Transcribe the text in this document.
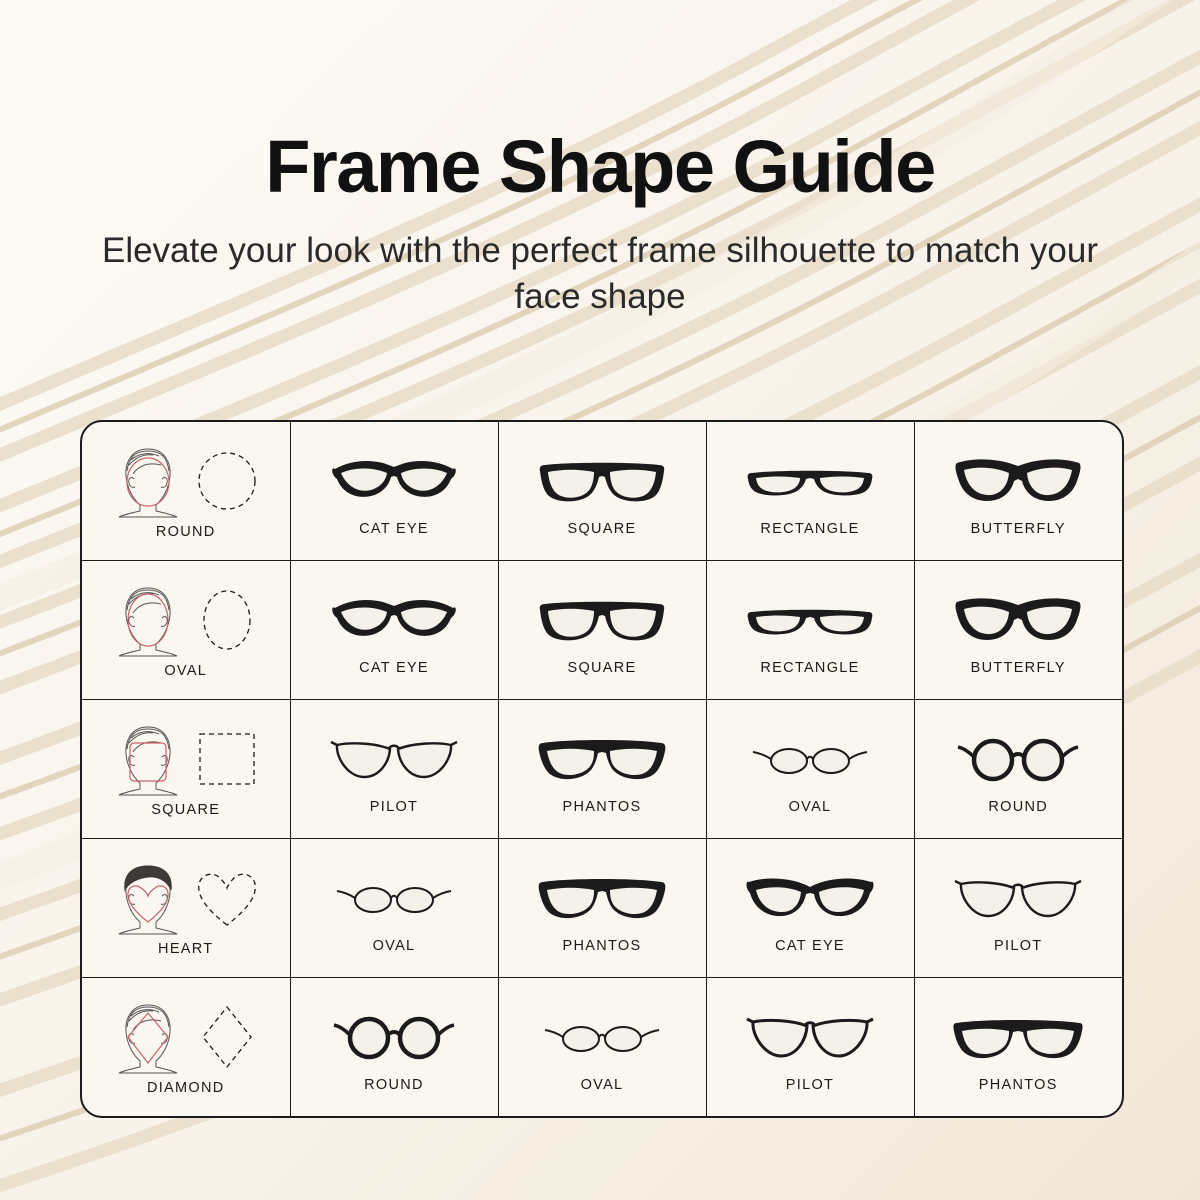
Frame Shape Guide

Elevate your look with the perfect frame silhouette to match your face shape

ROUND	CAT EYE	SQUARE	RECTANGLE	BUTTERFLY

OVAL	CAT EYE	SQUARE	RECTANGLE	BUTTERFLY

SQUARE	PILOT	PHANTOS	OVAL	ROUND

HEART	OVAL	PHANTOS	CAT EYE	PILOT

DIAMOND	ROUND	OVAL	PILOT	PHANTOS
